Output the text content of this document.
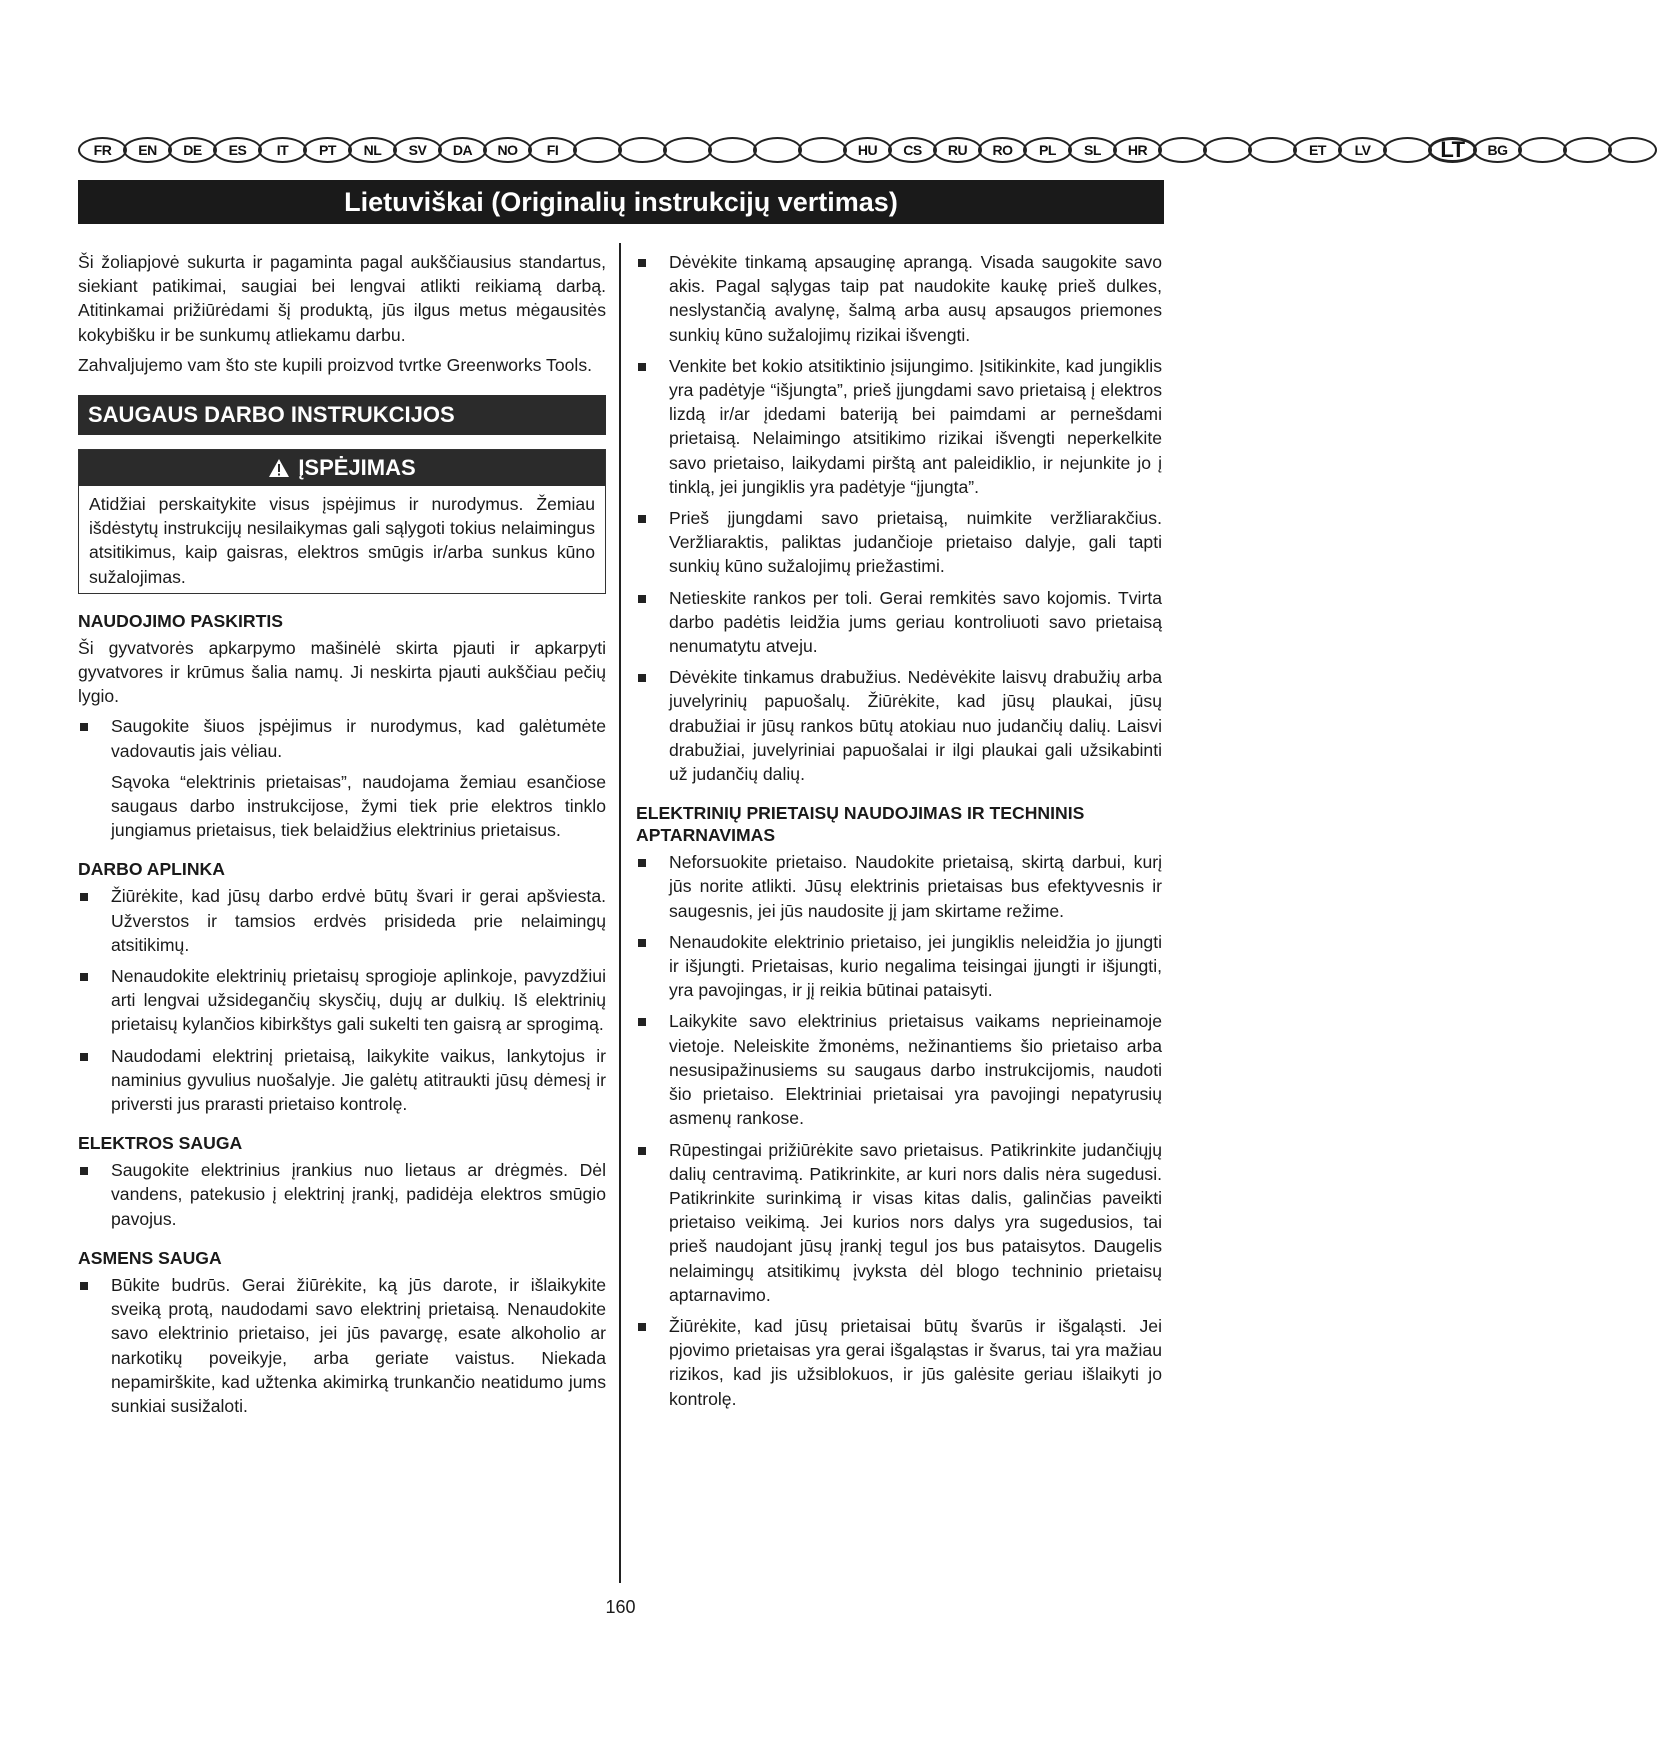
FR EN DE ES IT PT NL SV DA NO FI	HU CS RU RO PL SL HR	ET LV	LT BG
Lietuviškai (Originalių instrukcijų vertimas)

Ši žoliapjovė sukurta ir pagaminta pagal aukščiausius standartus, siekiant patikimai, saugiai bei lengvai atlikti reikiamą darbą. Atitinkamai prižiūrėdami šį produktą, jūs ilgus metus mėgausitės kokybišku ir be sunkumų atliekamu darbu.

Zahvaljujemo vam što ste kupili proizvod tvrtke Greenworks Tools.

SAUGAUS DARBO INSTRUKCIJOS
ĮSPĖJIMAS

Atidžiai perskaitykite visus įspėjimus ir nurodymus. Žemiau išdėstytų instrukcijų nesilaikymas gali sąlygoti tokius nelaimingus atsitikimus, kaip gaisras, elektros smūgis ir/arba sunkus kūno sužalojimas.

NAUDOJIMO PASKIRTIS

Ši gyvatvorės apkarpymo mašinėlė skirta pjauti ir apkarpyti gyvatvores ir krūmus šalia namų. Ji neskirta pjauti aukščiau pečių lygio.

Saugokite šiuos įspėjimus ir nurodymus, kad galėtumėte vadovautis jais vėliau.

Sąvoka “elektrinis prietaisas”, naudojama žemiau esančiose saugaus darbo instrukcijose, žymi tiek prie elektros tinklo jungiamus prietaisus, tiek belaidžius elektrinius prietaisus.

DARBO APLINKA
Žiūrėkite, kad jūsų darbo erdvė būtų švari ir gerai apšviesta. Užverstos ir tamsios erdvės prisideda prie nelaimingų atsitikimų.
Nenaudokite elektrinių prietaisų sprogioje aplinkoje, pavyzdžiui arti lengvai užsidegančių skysčių, dujų ar dulkių. Iš elektrinių prietaisų kylančios kibirkštys gali sukelti ten gaisrą ar sprogimą.
Naudodami elektrinį prietaisą, laikykite vaikus, lankytojus ir naminius gyvulius nuošalyje. Jie galėtų atitraukti jūsų dėmesį ir priversti jus prarasti prietaiso kontrolę.
ELEKTROS SAUGA
Saugokite elektrinius įrankius nuo lietaus ar drėgmės. Dėl vandens, patekusio į elektrinį įrankį, padidėja elektros smūgio pavojus.
ASMENS SAUGA
Būkite budrūs. Gerai žiūrėkite, ką jūs darote, ir išlaikykite sveiką protą, naudodami savo elektrinį prietaisą. Nenaudokite savo elektrinio prietaiso, jei jūs pavargę, esate alkoholio ar narkotikų poveikyje, arba geriate vaistus. Niekada nepamirškite, kad užtenka akimirką trunkančio neatidumo jums sunkiai susižaloti.
Dėvėkite tinkamą apsauginę aprangą. Visada saugokite savo akis. Pagal sąlygas taip pat naudokite kaukę prieš dulkes, neslystančią avalynę, šalmą arba ausų apsaugos priemones sunkių kūno sužalojimų rizikai išvengti.
Venkite bet kokio atsitiktinio įsijungimo. Įsitikinkite, kad jungiklis yra padėtyje “išjungta”, prieš įjungdami savo prietaisą į elektros lizdą ir/ar įdedami bateriją bei paimdami ar pernešdami prietaisą. Nelaimingo atsitikimo rizikai išvengti neperkelkite savo prietaiso, laikydami pirštą ant paleidiklio, ir nejunkite jo į tinklą, jei jungiklis yra padėtyje “įjungta”.
Prieš įjungdami savo prietaisą, nuimkite veržliarakčius. Veržliaraktis, paliktas judančioje prietaiso dalyje, gali tapti sunkių kūno sužalojimų priežastimi.
Netieskite rankos per toli. Gerai remkitės savo kojomis. Tvirta darbo padėtis leidžia jums geriau kontroliuoti savo prietaisą nenumatytu atveju.
Dėvėkite tinkamus drabužius. Nedėvėkite laisvų drabužių arba juvelyrinių papuošalų. Žiūrėkite, kad jūsų plaukai, jūsų drabužiai ir jūsų rankos būtų atokiau nuo judančių dalių. Laisvi drabužiai, juvelyriniai papuošalai ir ilgi plaukai gali užsikabinti už judančių dalių.
ELEKTRINIŲ PRIETAISŲ NAUDOJIMAS IR TECHNINIS APTARNAVIMAS
Neforsuokite prietaiso. Naudokite prietaisą, skirtą darbui, kurį jūs norite atlikti. Jūsų elektrinis prietaisas bus efektyvesnis ir saugesnis, jei jūs naudosite jį jam skirtame režime.
Nenaudokite elektrinio prietaiso, jei jungiklis neleidžia jo įjungti ir išjungti. Prietaisas, kurio negalima teisingai įjungti ir išjungti, yra pavojingas, ir jį reikia būtinai pataisyti.
Laikykite savo elektrinius prietaisus vaikams neprieinamoje vietoje. Neleiskite žmonėms, nežinantiems šio prietaiso arba nesusipažinusiems su saugaus darbo instrukcijomis, naudoti šio prietaiso. Elektriniai prietaisai yra pavojingi nepatyrusių asmenų rankose.
Rūpestingai prižiūrėkite savo prietaisus. Patikrinkite judančiųjų dalių centravimą. Patikrinkite, ar kuri nors dalis nėra sugedusi. Patikrinkite surinkimą ir visas kitas dalis, galinčias paveikti prietaiso veikimą. Jei kurios nors dalys yra sugedusios, tai prieš naudojant jūsų įrankį tegul jos bus pataisytos. Daugelis nelaimingų atsitikimų įvyksta dėl blogo techninio prietaisų aptarnavimo.
Žiūrėkite, kad jūsų prietaisai būtų švarūs ir išgaląsti. Jei pjovimo prietaisas yra gerai išgaląstas ir švarus, tai yra mažiau rizikos, kad jis užsiblokuos, ir jūs galėsite geriau išlaikyti jo kontrolę.
160
